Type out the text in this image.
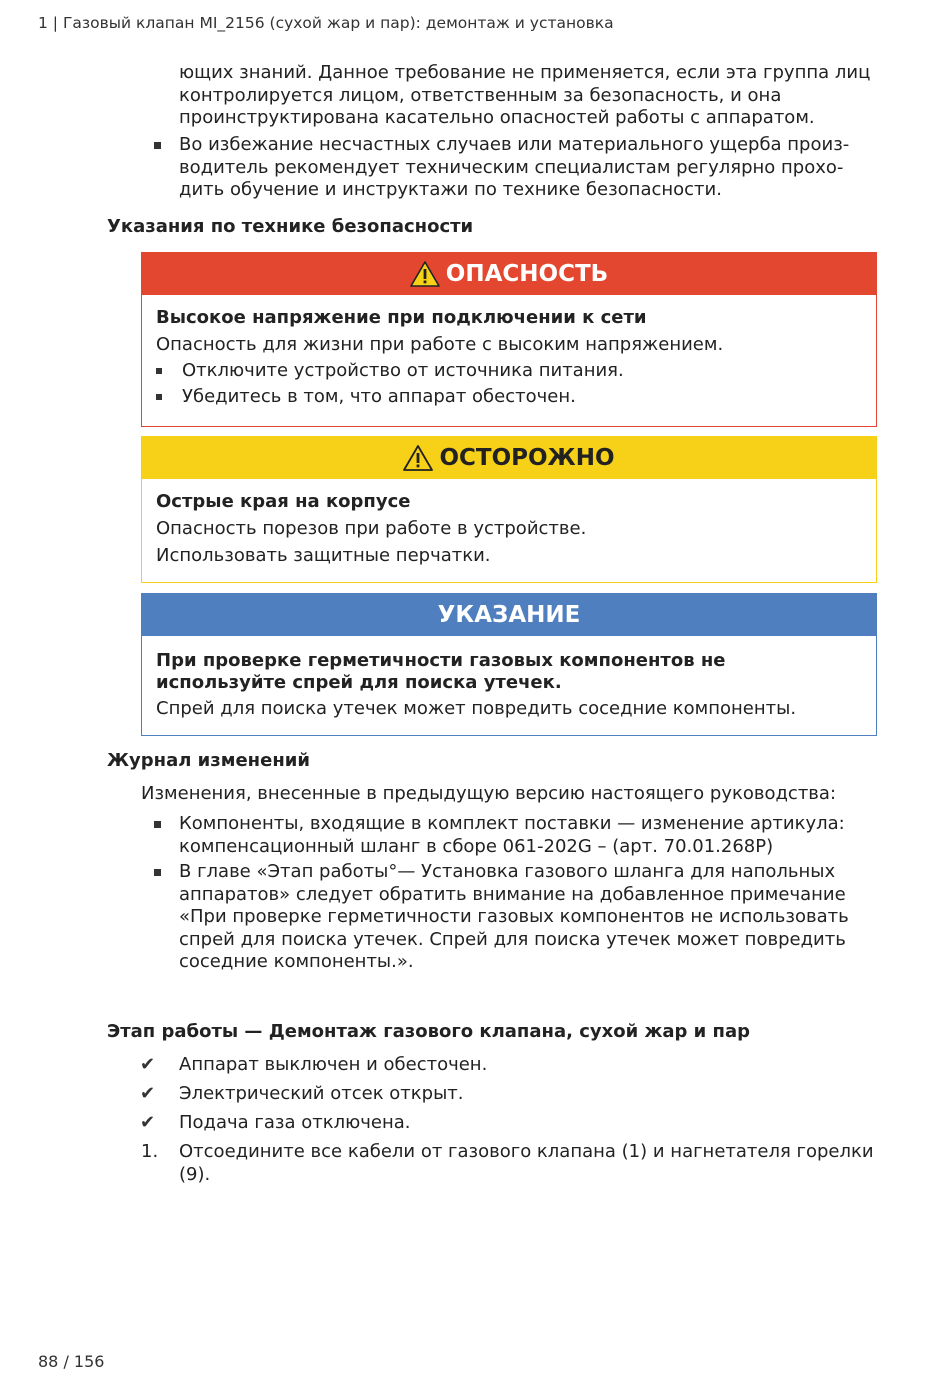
1 | Газовый клапан MI_2156 (сухой жар и пар): демонтаж и установка

ющих знаний. Данное требование не применяется, если эта группа лиц контролируется лицом, ответственным за безопасность, и она проинструктирована касательно опасностей работы с аппаратом.

Во избежание несчастных случаев или материального ущерба производитель рекомендует техническим специалистам регулярно проходить обучение и инструктажи по технике безопасности.
Указания по технике безопасности
ОПАСНОСТЬ
Высокое напряжение при подключении к сети
Опасность для жизни при работе с высоким напряжением.
Отключите устройство от источника питания.
Убедитесь в том, что аппарат обесточен.
ОСТОРОЖНО
Острые края на корпусе
Опасность порезов при работе в устройстве.
Использовать защитные перчатки.
УКАЗАНИЕ
При проверке герметичности газовых компонентов не используйте спрей для поиска утечек.
Спрей для поиска утечек может повредить соседние компоненты.
Журнал изменений
Изменения, внесенные в предыдущую версию настоящего руководства:
Компоненты, входящие в комплект поставки — изменение артикула: компенсационный шланг в сборе 061-202G – (арт. 70.01.268P)
В главе «Этап работы°— Установка газового шланга для напольных аппаратов» следует обратить внимание на добавленное примечание «При проверке герметичности газовых компонентов не использовать спрей для поиска утечек. Спрей для поиска утечек может повредить соседние компоненты.».
Этап работы — Демонтаж газового клапана, сухой жар и пар
✔ Аппарат выключен и обесточен.
✔ Электрический отсек открыт.
✔ Подача газа отключена.
1. Отсоедините все кабели от газового клапана (1) и нагнетателя горелки (9).
88 / 156
